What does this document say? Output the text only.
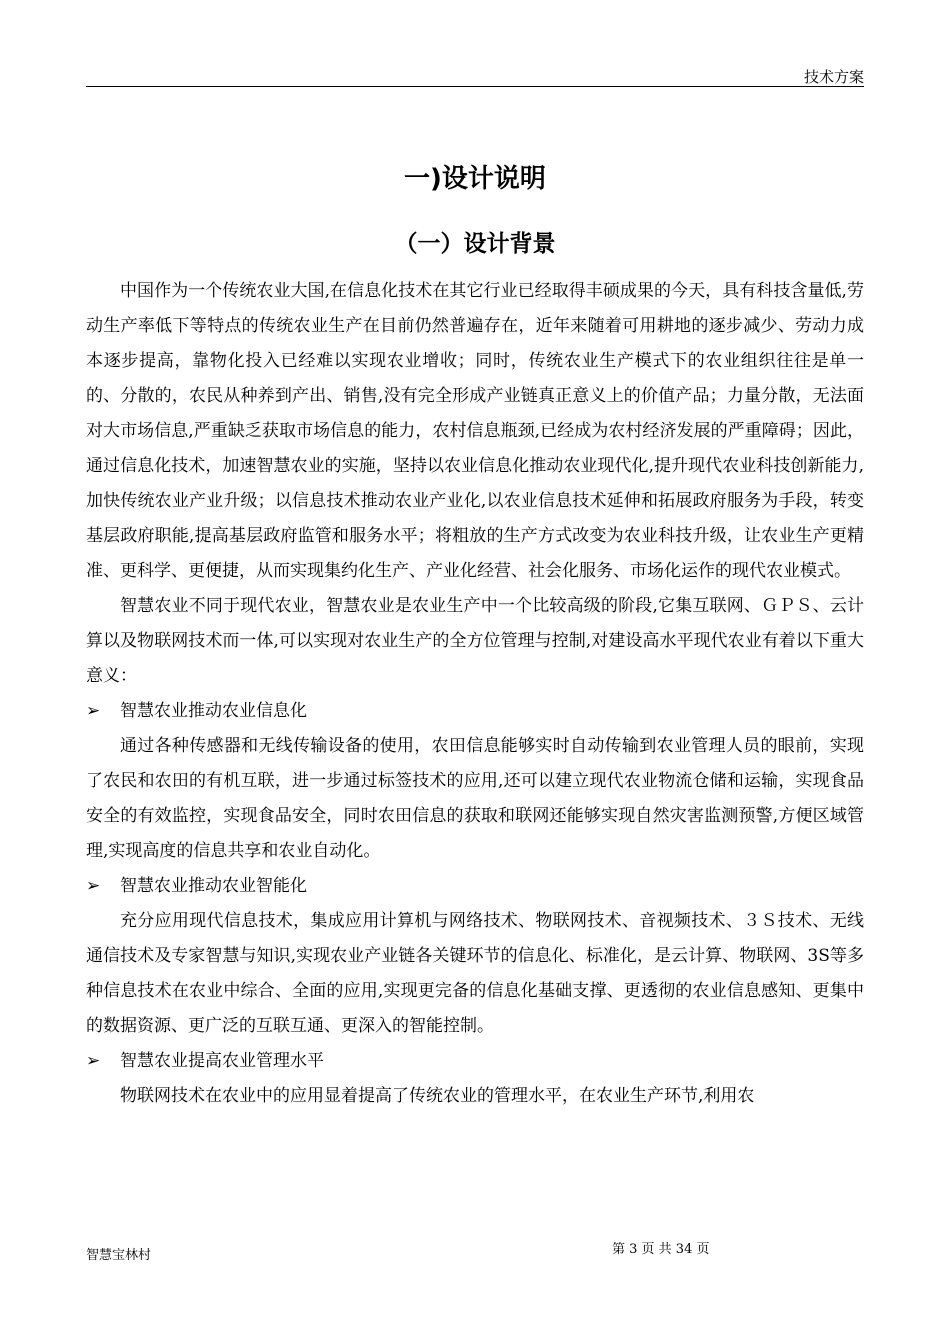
技术方案
一)设计说明
（一）设计背景

中国作为一个传统农业大国,在信息化技术在其它行业已经取得丰硕成果的今天，具有科技含量低,劳动生产率低下等特点的传统农业生产在目前仍然普遍存在，近年来随着可用耕地的逐步减少、劳动力成本逐步提高，靠物化投入已经难以实现农业增收；同时，传统农业生产模式下的农业组织往往是单一的、分散的，农民从种养到产出、销售,没有完全形成产业链真正意义上的价值产品；力量分散，无法面对大市场信息,严重缺乏获取市场信息的能力，农村信息瓶颈,已经成为农村经济发展的严重障碍；因此，通过信息化技术，加速智慧农业的实施，坚持以农业信息化推动农业现代化,提升现代农业科技创新能力,加快传统农业产业升级；以信息技术推动农业产业化,以农业信息技术延伸和拓展政府服务为手段，转变基层政府职能,提高基层政府监管和服务水平；将粗放的生产方式改变为农业科技升级，让农业生产更精准、更科学、更便捷，从而实现集约化生产、产业化经营、社会化服务、市场化运作的现代农业模式。

智慧农业不同于现代农业，智慧农业是农业生产中一个比较高级的阶段,它集互联网、ＧＰＳ、云计算以及物联网技术而一体,可以实现对农业生产的全方位管理与控制,对建设高水平现代农业有着以下重大意义：

➢ 智慧农业推动农业信息化

通过各种传感器和无线传输设备的使用，农田信息能够实时自动传输到农业管理人员的眼前，实现了农民和农田的有机互联，进一步通过标签技术的应用,还可以建立现代农业物流仓储和运输，实现食品安全的有效监控，实现食品安全，同时农田信息的获取和联网还能够实现自然灾害监测预警,方便区域管理,实现高度的信息共享和农业自动化。

➢ 智慧农业推动农业智能化

充分应用现代信息技术，集成应用计算机与网络技术、物联网技术、音视频技术、３Ｓ技术、无线通信技术及专家智慧与知识,实现农业产业链各关键环节的信息化、标准化，是云计算、物联网、3S等多种信息技术在农业中综合、全面的应用,实现更完备的信息化基础支撑、更透彻的农业信息感知、更集中的数据资源、更广泛的互联互通、更深入的智能控制。

➢ 智慧农业提高农业管理水平

物联网技术在农业中的应用显着提高了传统农业的管理水平，在农业生产环节,利用农

智慧宝林村	第 3 页 共 34 页
